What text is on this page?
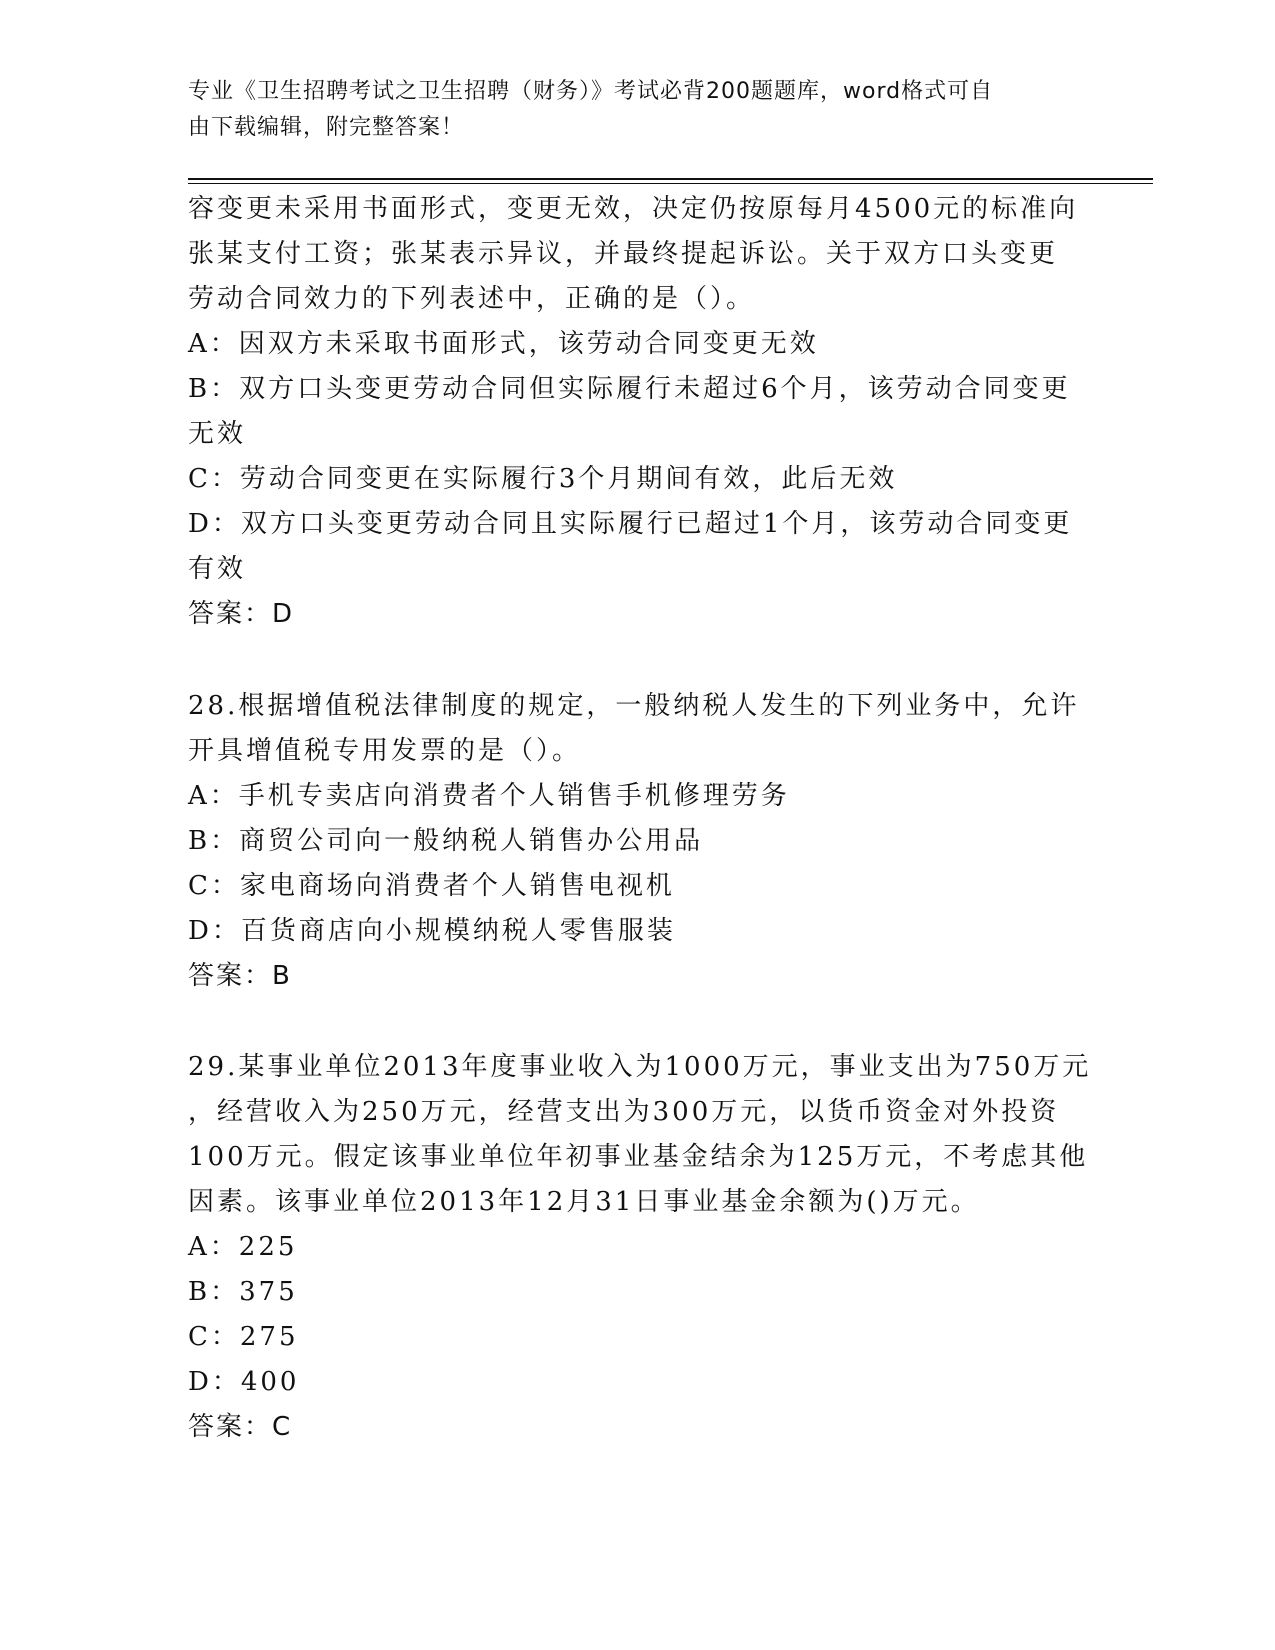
专业《卫生招聘考试之卫生招聘（财务）》考试必背200题题库，word格式可自
由下载编辑，附完整答案！
容变更未采用书面形式，变更无效，决定仍按原每月4500元的标准向
张某支付工资；张某表示异议，并最终提起诉讼。关于双方口头变更
劳动合同效力的下列表述中，正确的是（）。
A：因双方未采取书面形式，该劳动合同变更无效
B：双方口头变更劳动合同但实际履行未超过6个月，该劳动合同变更
无效
C：劳动合同变更在实际履行3个月期间有效，此后无效
D：双方口头变更劳动合同且实际履行已超过1个月，该劳动合同变更
有效
答案：D
28.根据增值税法律制度的规定，一般纳税人发生的下列业务中，允许
开具增值税专用发票的是（）。
A：手机专卖店向消费者个人销售手机修理劳务
B：商贸公司向一般纳税人销售办公用品
C：家电商场向消费者个人销售电视机
D：百货商店向小规模纳税人零售服装
答案：B
29.某事业单位2013年度事业收入为1000万元，事业支出为750万元
，经营收入为250万元，经营支出为300万元，以货币资金对外投资
100万元。假定该事业单位年初事业基金结余为125万元，不考虑其他
因素。该事业单位2013年12月31日事业基金余额为()万元。
A：225
B：375
C：275
D：400
答案：C
